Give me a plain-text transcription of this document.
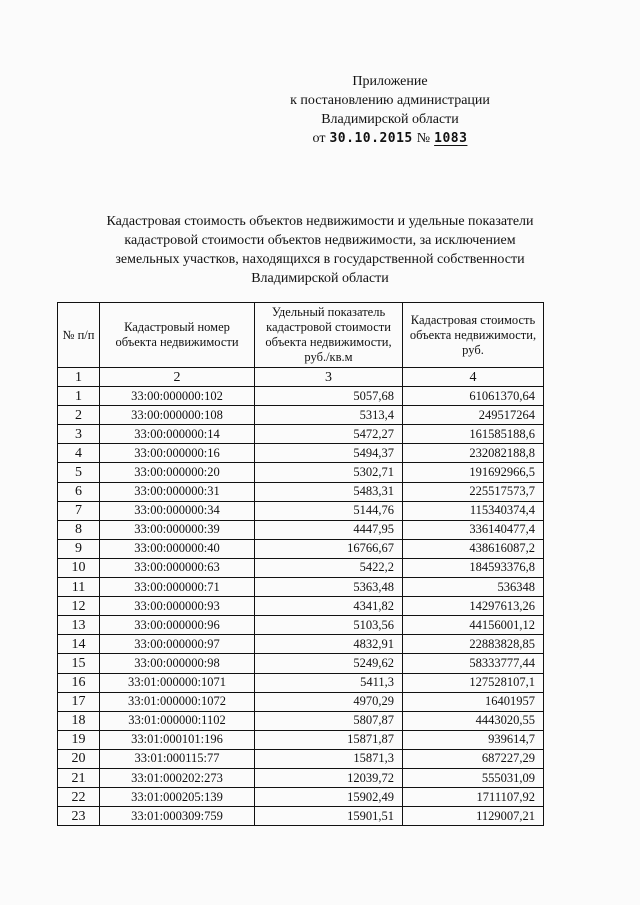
Приложение
к постановлению администрации
Владимирской области
от 30.10.2015 № 1083
Кадастровая стоимость объектов недвижимости и удельные показатели
кадастровой стоимости объектов недвижимости, за исключением
земельных участков, находящихся в государственной собственности
Владимирской области
№ п/п	Кадастровый номер объекта недвижимости	Удельный показатель кадастровой стоимости объекта недвижимости, руб./кв.м	Кадастровая стоимость объекта недвижимости, руб.
1	2	3	4
1	33:00:000000:102	5057,68	61061370,64
2	33:00:000000:108	5313,4	249517264
3	33:00:000000:14	5472,27	161585188,6
4	33:00:000000:16	5494,37	232082188,8
5	33:00:000000:20	5302,71	191692966,5
6	33:00:000000:31	5483,31	225517573,7
7	33:00:000000:34	5144,76	115340374,4
8	33:00:000000:39	4447,95	336140477,4
9	33:00:000000:40	16766,67	438616087,2
10	33:00:000000:63	5422,2	184593376,8
11	33:00:000000:71	5363,48	536348
12	33:00:000000:93	4341,82	14297613,26
13	33:00:000000:96	5103,56	44156001,12
14	33:00:000000:97	4832,91	22883828,85
15	33:00:000000:98	5249,62	58333777,44
16	33:01:000000:1071	5411,3	127528107,1
17	33:01:000000:1072	4970,29	16401957
18	33:01:000000:1102	5807,87	4443020,55
19	33:01:000101:196	15871,87	939614,7
20	33:01:000115:77	15871,3	687227,29
21	33:01:000202:273	12039,72	555031,09
22	33:01:000205:139	15902,49	1711107,92
23	33:01:000309:759	15901,51	1129007,21
